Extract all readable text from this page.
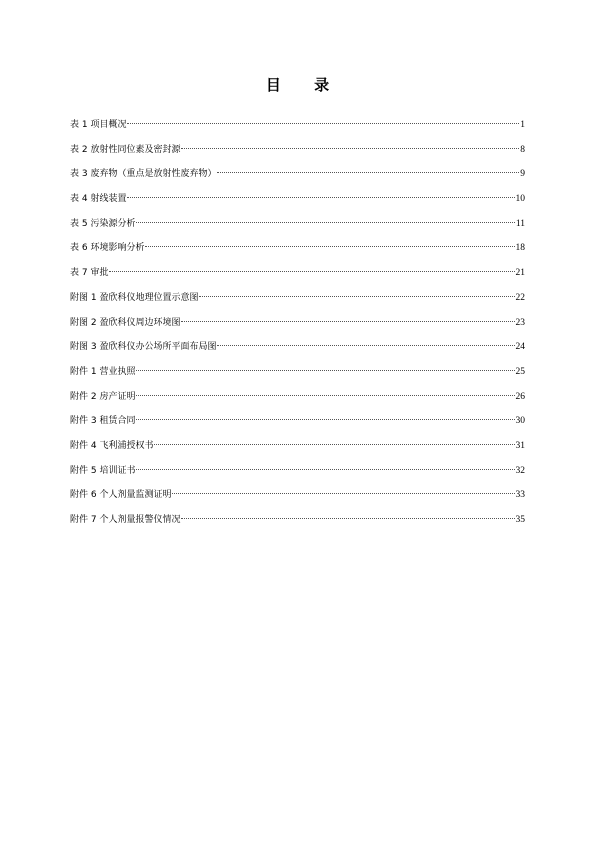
目 录
表 1 项目概况	1
表 2 放射性同位素及密封源	8
表 3 废弃物（重点是放射性废弃物）	9
表 4 射线装置	10
表 5 污染源分析	11
表 6 环境影响分析	18
表 7 审批	21
附图 1 盈欣科仪地理位置示意图	22
附图 2 盈欣科仪周边环境图	23
附图 3 盈欣科仪办公场所平面布局图	24
附件 1 营业执照	25
附件 2 房产证明	26
附件 3 租赁合同	30
附件 4 飞利浦授权书	31
附件 5 培训证书	32
附件 6 个人剂量监测证明	33
附件 7 个人剂量报警仪情况	35
